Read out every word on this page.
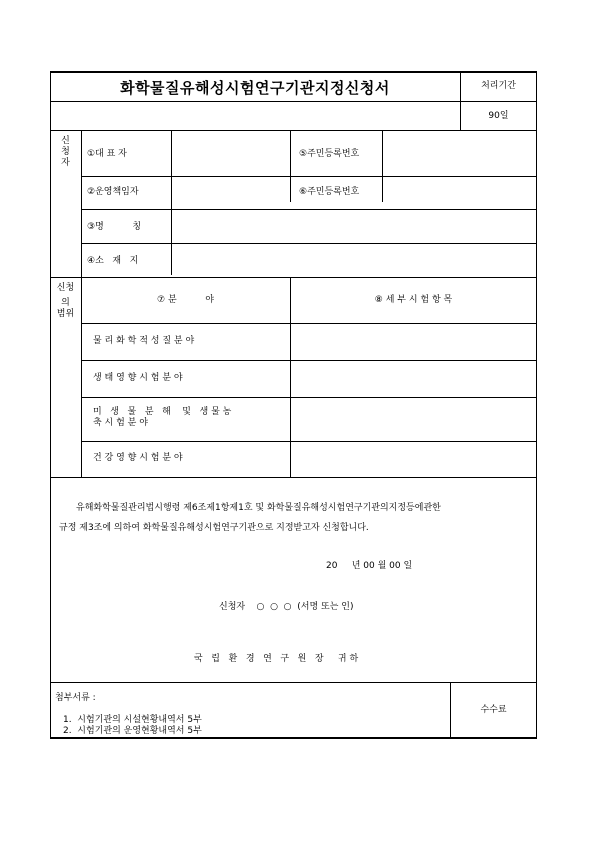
화학물질유해성시험연구기관지정신청서	처리기간
90일
신
청
자
①대 표 자	⑤주민등록번호
②운영책임자	⑥주민등록번호
③명          칭
④소   재   지
신청
의
범위
⑦ 분          야	⑧ 세 부 시 험 항 목
물 리 화 학 적 성 질 분 야
생 태 영 향 시 험 분 야
미   생   물   분   해    및   생 물 농
축 시 험 분 야
건 강 영 향 시 험 분 야
유해화학물질관리법시행령 제6조제1항제1호 및 화학물질유해성시험연구기관의지정등에관한
규정 제3조에 의하여 화학물질유해성시험연구기관으로 지정받고자 신청합니다.
20     년 00 월 00 일
신청자    ○  ○  ○  (서명 또는 인)
국   립   환   경   연   구   원   장     귀 하
첨부서류 :
1.  시험기관의 시설현황내역서 5부
2.  시험기관의 운영현황내역서 5부
수수료
